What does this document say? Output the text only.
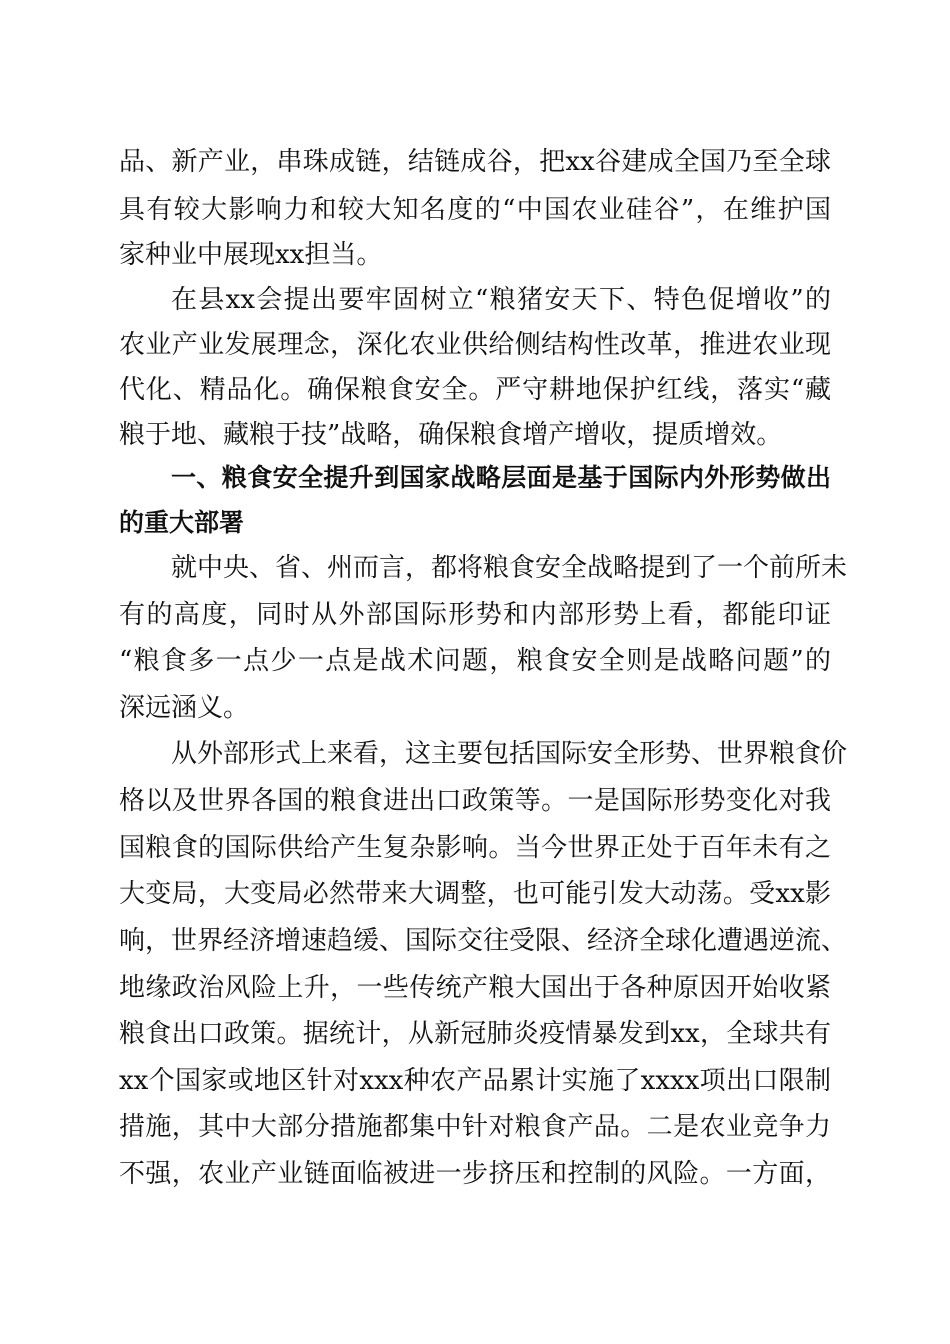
品、新产业，串珠成链，结链成谷，把xx谷建成全国乃至全球
具有较大影响力和较大知名度的“中国农业硅谷”，在维护国
家种业中展现xx担当。
在县xx会提出要牢固树立“粮猪安天下、特色促增收”的
农业产业发展理念，深化农业供给侧结构性改革，推进农业现
代化、精品化。确保粮食安全。严守耕地保护红线，落实“藏
粮于地、藏粮于技”战略，确保粮食增产增收，提质增效。
一、粮食安全提升到国家战略层面是基于国际内外形势做出
的重大部署
就中央、省、州而言，都将粮食安全战略提到了一个前所未
有的高度，同时从外部国际形势和内部形势上看，都能印证
“粮食多一点少一点是战术问题，粮食安全则是战略问题”的
深远涵义。
从外部形式上来看，这主要包括国际安全形势、世界粮食价
格以及世界各国的粮食进出口政策等。一是国际形势变化对我
国粮食的国际供给产生复杂影响。当今世界正处于百年未有之
大变局，大变局必然带来大调整，也可能引发大动荡。受xx影
响，世界经济增速趋缓、国际交往受限、经济全球化遭遇逆流、
地缘政治风险上升，一些传统产粮大国出于各种原因开始收紧
粮食出口政策。据统计，从新冠肺炎疫情暴发到xx，全球共有
xx个国家或地区针对xxx种农产品累计实施了xxxx项出口限制
措施，其中大部分措施都集中针对粮食产品。二是农业竞争力
不强，农业产业链面临被进一步挤压和控制的风险。一方面，
